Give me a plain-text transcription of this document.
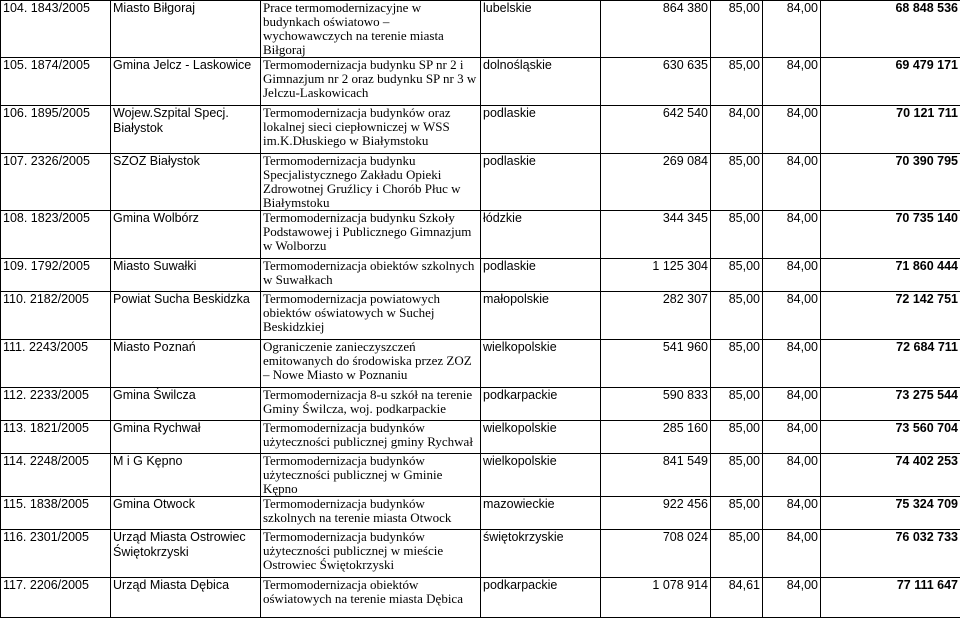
104. 1843/2005	Miasto Biłgoraj	Prace termomodernizacyjne w budynkach oświatowo – wychowawczych na terenie miasta Biłgoraj	lubelskie	864 380	85,00	84,00	68 848 536
105. 1874/2005	Gmina Jelcz - Laskowice	Termomodernizacja budynku SP nr 2 i Gimnazjum nr 2 oraz budynku SP nr 3 w Jelczu-Laskowicach	dolnośląskie	630 635	85,00	84,00	69 479 171
106. 1895/2005	Wojew.Szpital Specj. Białystok	Termomodernizacja budynków oraz lokalnej sieci ciepłowniczej w WSS im.K.Dłuskiego w Białymstoku	podlaskie	642 540	84,00	84,00	70 121 711
107. 2326/2005	SZOZ Białystok	Termomodernizacja budynku Specjalistycznego Zakładu Opieki Zdrowotnej Gruźlicy i Chorób Płuc w Białymstoku	podlaskie	269 084	85,00	84,00	70 390 795
108. 1823/2005	Gmina Wolbórz	Termomodernizacja budynku Szkoły Podstawowej i Publicznego Gimnazjum w Wolborzu	łódzkie	344 345	85,00	84,00	70 735 140
109. 1792/2005	Miasto Suwałki	Termomodernizacja obiektów szkolnych w Suwałkach	podlaskie	1 125 304	85,00	84,00	71 860 444
110. 2182/2005	Powiat Sucha Beskidzka	Termomodernizacja powiatowych obiektów oświatowych w Suchej Beskidzkiej	małopolskie	282 307	85,00	84,00	72 142 751
111. 2243/2005	Miasto Poznań	Ograniczenie zanieczyszczeń emitowanych do środowiska przez ZOZ – Nowe Miasto w Poznaniu	wielkopolskie	541 960	85,00	84,00	72 684 711
112. 2233/2005	Gmina Świlcza	Termomodernizacja 8-u szkół na terenie Gminy Świlcza, woj. podkarpackie	podkarpackie	590 833	85,00	84,00	73 275 544
113. 1821/2005	Gmina Rychwał	Termomodernizacja budynków użyteczności publicznej gminy Rychwał	wielkopolskie	285 160	85,00	84,00	73 560 704
114. 2248/2005	M i G Kępno	Termomodernizacja budynków użyteczności publicznej w Gminie Kępno	wielkopolskie	841 549	85,00	84,00	74 402 253
115. 1838/2005	Gmina Otwock	Termomodernizacja budynków szkolnych na terenie miasta Otwock	mazowieckie	922 456	85,00	84,00	75 324 709
116. 2301/2005	Urząd Miasta Ostrowiec Świętokrzyski	Termomodernizacja budynków użyteczności publicznej w mieście Ostrowiec Świętokrzyski	świętokrzyskie	708 024	85,00	84,00	76 032 733
117. 2206/2005	Urząd Miasta Dębica	Termomodernizacja obiektów oświatowych na terenie miasta Dębica	podkarpackie	1 078 914	84,61	84,00	77 111 647
